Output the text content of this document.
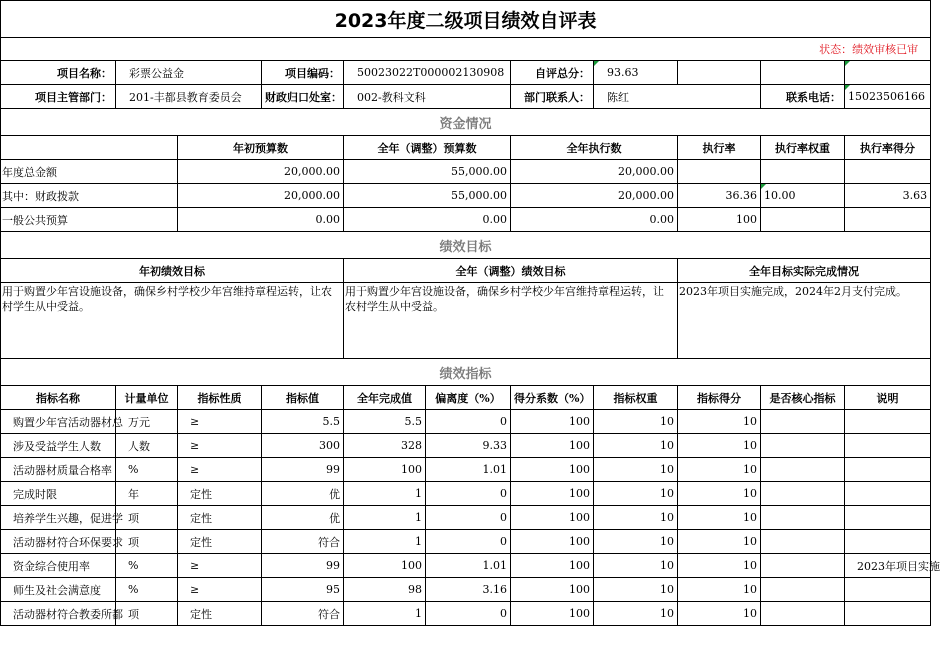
2023年度二级项目绩效自评表										
状态：绩效审核已审										
项目名称：	彩票公益金		项目编码：	50023022T000002130908		自评总分：	93.63			
项目主管部门：	201-丰都县教育委员会		财政归口处室：	002-教科文科		部门联系人：	陈红		联系电话：	15023506166
资金情况										
		年初预算数		全年（调整）预算数		全年执行数		执行率	执行率权重	执行率得分
年度总金额		20,000.00		55,000.00		20,000.00				
其中：财政拨款		20,000.00		55,000.00		20,000.00		36.36	10.00	3.63
一般公共预算		0.00		0.00		0.00		100		
绩效目标										
年初绩效目标				全年（调整）绩效目标				全年目标实际完成情况		
用于购置少年宫设施设备，确保乡村学校少年宫维持章程运转，让农村学生从中受益。				用于购置少年宫设施设备，确保乡村学校少年宫维持章程运转，让农村学生从中受益。				2023年项目实施完成，2024年2月支付完成。		
绩效指标										
指标名称	计量单位	指标性质	指标值	全年完成值	偏离度（%）	得分系数（%）	指标权重	指标得分	是否核心指标	说明
购置少年宫活动器材总	万元	≥	5.5	5.5	0	100	10	10		
涉及受益学生人数	人数	≥	300	328	9.33	100	10	10		
活动器材质量合格率	%	≥	99	100	1.01	100	10	10		
完成时限	年	定性	优	1	0	100	10	10		
培养学生兴趣，促进学	项	定性	优	1	0	100	10	10		
活动器材符合环保要求	项	定性	符合	1	0	100	10	10		
资金综合使用率	%	≥	99	100	1.01	100	10	10		2023年项目实施
师生及社会满意度	%	≥	95	98	3.16	100	10	10		
活动器材符合教委所都	项	定性	符合	1	0	100	10	10		
